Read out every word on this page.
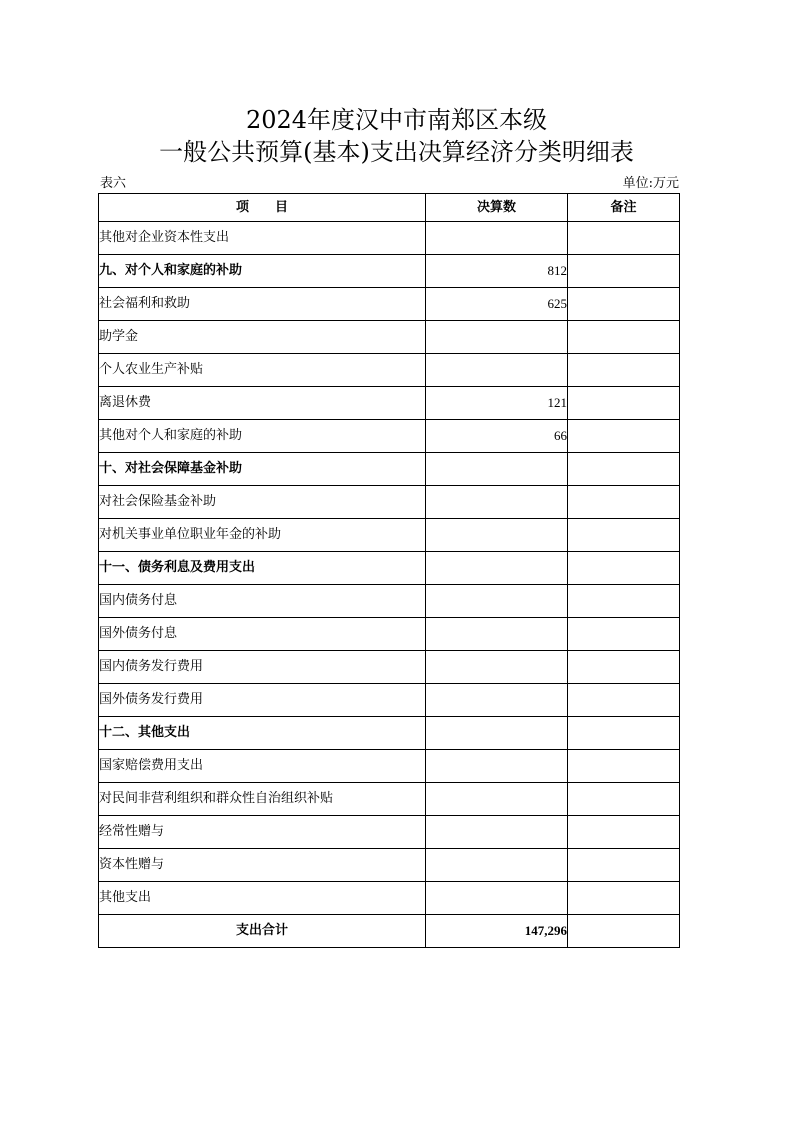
2024年度汉中市南郑区本级
一般公共预算(基本)支出决算经济分类明细表
表六	单位:万元
项　　目	决算数	备注
其他对企业资本性支出		
九、对个人和家庭的补助	812	
社会福利和救助	625	
助学金		
个人农业生产补贴		
离退休费	121	
其他对个人和家庭的补助	66	
十、对社会保障基金补助		
对社会保险基金补助		
对机关事业单位职业年金的补助		
十一、债务利息及费用支出		
国内债务付息		
国外债务付息		
国内债务发行费用		
国外债务发行费用		
十二、其他支出		
国家赔偿费用支出		
对民间非营利组织和群众性自治组织补贴		
经常性赠与		
资本性赠与		
其他支出		
支出合计	147,296	
